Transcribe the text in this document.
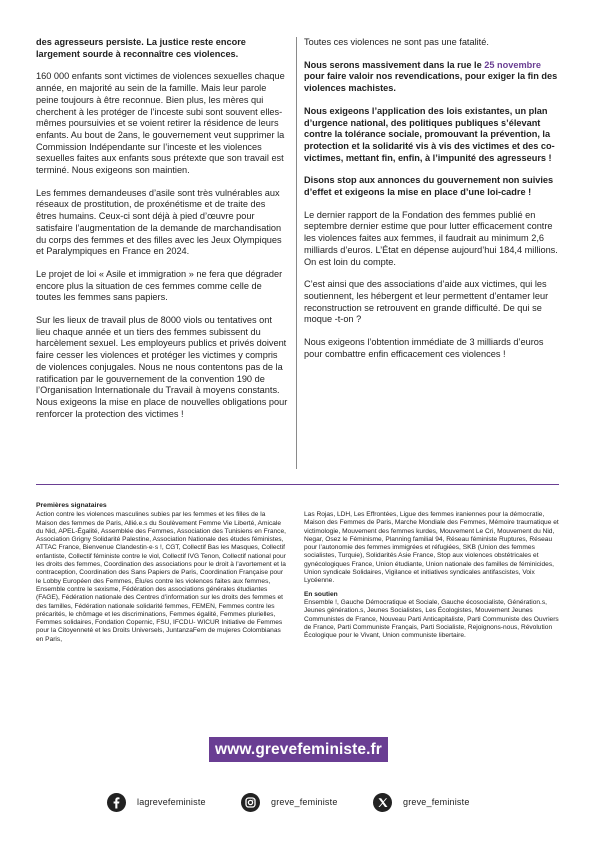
des agresseurs persiste. La justice reste encore largement sourde à reconnaître ces violences.

160 000 enfants sont victimes de violences sexuelles chaque année, en majorité au sein de la famille. Mais leur parole peine toujours à être reconnue. Bien plus, les mères qui cherchent à les protéger de l’inceste subi sont souvent elles-mêmes poursuivies et se voient retirer la résidence de leurs enfants. Au bout de 2ans, le gouvernement veut supprimer la Commission Indépendante sur l’inceste et les violences sexuelles faites aux enfants sous prétexte que son travail est terminé. Nous exigeons son maintien.

Les femmes demandeuses d’asile sont très vulnérables aux réseaux de prostitution, de proxénétisme et de traite des êtres humains. Ceux-ci sont déjà à pied d’œuvre pour satisfaire l’augmentation de la demande de marchandisation du corps des femmes et des filles avec les Jeux Olympiques et Paralympiques en France en 2024.

Le projet de loi « Asile et immigration » ne fera que dégrader encore plus la situation de ces femmes comme celle de toutes les femmes sans papiers.

Sur les lieux de travail plus de 8000 viols ou tentatives ont lieu chaque année et un tiers des femmes subissent du harcèlement sexuel. Les employeurs publics et privés doivent faire cesser les violences et protéger les victimes y compris de violences conjugales. Nous ne nous contentons pas de la ratification par le gouvernement de la convention 190 de l’Organisation Internationale du Travail à moyens constants. Nous exigeons la mise en place de nouvelles obligations pour renforcer la protection des victimes !

Toutes ces violences ne sont pas une fatalité.

Nous serons massivement dans la rue le 25 novembre pour faire valoir nos revendications, pour exiger la fin des violences machistes.

Nous exigeons l’application des lois existantes, un plan d’urgence national, des politiques publiques s’élevant contre la tolérance sociale, promouvant la prévention, la protection et la solidarité vis à vis des victimes et des co-victimes, mettant fin, enfin, à l’impunité des agresseurs !

Disons stop aux annonces du gouvernement non suivies d’effet et exigeons la mise en place d’une loi-cadre !

Le dernier rapport de la Fondation des femmes publié en septembre dernier estime que pour lutter efficacement contre les violences faites aux femmes, il faudrait au minimum 2,6 milliards d’euros. L’État en dépense aujourd’hui 184,4 millions. On est loin du compte.

C’est ainsi que des associations d’aide aux victimes, qui les soutiennent, les hébergent et leur permettent d’entamer leur reconstruction se retrouvent en grande difficulté. De qui se moque -t-on ?

Nous exigeons l’obtention immédiate de 3 milliards d’euros pour combattre enfin efficacement ces violences !

Premières signataires
Action contre les violences masculines subies par les femmes et les filles de la Maison des femmes de Paris, Allié.e.s du Soulèvement Femme Vie Liberté, Amicale du Nid, APEL-Égalité, Assemblée des Femmes, Association des Tunisiens en France, Association Grigny Solidarité Palestine, Association Nationale des études féministes, ATTAC France, Bienvenue Clandestin·e·s !, CGT, Collectif Bas les Masques, Collectif enfantiste, Collectif féministe contre le viol, Collectif IVG Tenon, Collectif national pour les droits des femmes, Coordination des associations pour le droit à l’avortement et la contraception, Coordination des Sans Papiers de Paris, Coordination Française pour le Lobby Européen des Femmes, Élu/es contre les violences faites aux femmes, Ensemble contre le sexisme, Fédération des associations générales étudiantes (FAGE), Fédération nationale des Centres d’information sur les droits des femmes et des familles, Fédération nationale solidarité femmes, FEMEN, Femmes contre les précarités, le chômage et les discriminations, Femmes égalité, Femmes plurielles, Femmes solidaires, Fondation Copernic, FSU, IFCDU- WICUR Initiative de Femmes pour la Citoyenneté et les Droits Universels, JuntanzaFem de mujeres Colombianas en Paris,
Las Rojas, LDH, Les Effrontées, Ligue des femmes iraniennes pour la démocratie, Maison des Femmes de Paris, Marche Mondiale des Femmes, Mémoire traumatique et victimologie, Mouvement des femmes kurdes, Mouvement Le Cri, Mouvement du Nid, Negar, Osez le Féminisme, Planning familial 94, Réseau féministe Ruptures, Réseau pour l’autonomie des femmes immigrées et réfugiées, SKB (Union des femmes socialistes, Turquie), Solidarités Asie France, Stop aux violences obstétricales et gynécologiques France, Union étudiante, Union nationale des familles de féminicides, Union syndicale Solidaires, Vigilance et initiatives syndicales antifascistes, Voix Lycéenne.
En soutien
Ensemble !, Gauche Démocratique et Sociale, Gauche écosocialiste, Génération.s, Jeunes génération.s, Jeunes Socialistes, Les Écologistes, Mouvement Jeunes Communistes de France, Nouveau Parti Anticapitaliste, Parti Communiste des Ouvriers de France, Parti Communiste Français, Parti Socialiste, Rejoignons-nous, Révolution Écologique pour le Vivant, Union communiste libertaire.
www.grevefeministe.fr
lagrevefeministe	greve_feministe	greve_feministe
